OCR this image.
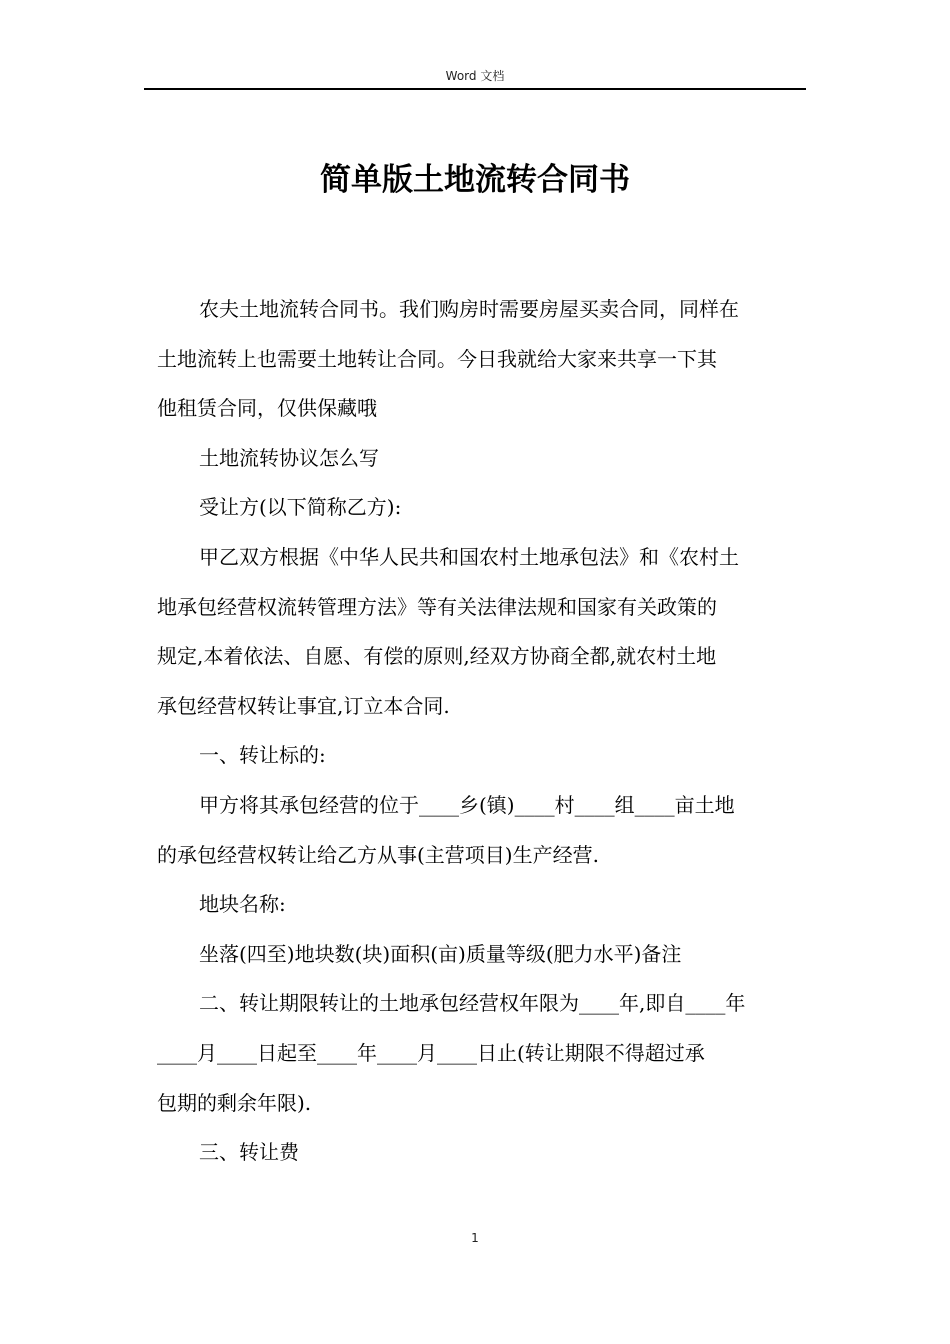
Word 文档
简单版土地流转合同书

农夫土地流转合同书。我们购房时需要房屋买卖合同，同样在
土地流转上也需要土地转让合同。今日我就给大家来共享一下其
他租赁合同，仅供保藏哦

土地流转协议怎么写

受让方(以下简称乙方):

甲乙双方根据《中华人民共和国农村土地承包法》和《农村土
地承包经营权流转管理方法》等有关法律法规和国家有关政策的
规定,本着依法、自愿、有偿的原则,经双方协商全都,就农村土地
承包经营权转让事宜,订立本合同.

一、转让标的:

甲方将其承包经营的位于____乡(镇)____村____组____亩土地
的承包经营权转让给乙方从事(主营项目)生产经营.

地块名称:

坐落(四至)地块数(块)面积(亩)质量等级(肥力水平)备注

二、转让期限转让的土地承包经营权年限为____年,即自____年
____月____日起至____年____月____日止(转让期限不得超过承
包期的剩余年限).

三、转让费

1
